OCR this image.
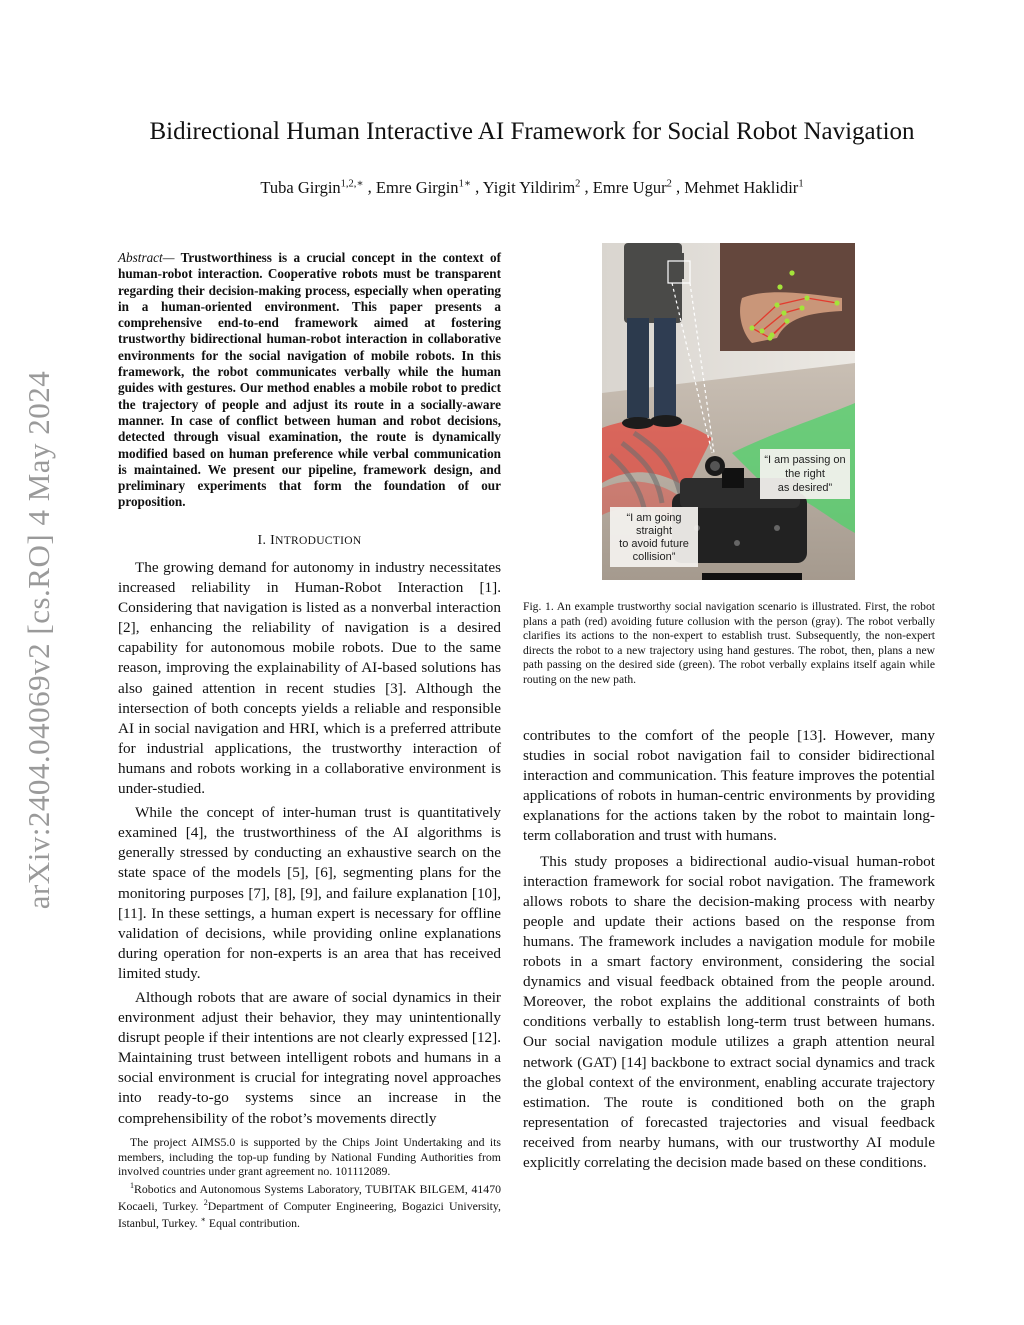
arXiv:2404.04069v2 [cs.RO] 4 May 2024
Bidirectional Human Interactive AI Framework for Social Robot Navigation
Tuba Girgin$^{1,2,∗}$ , Emre Girgin$^{1∗}$ , Yigit Yildirim$^2$ , Emre Ugur$^2$ , Mehmet Haklidir$^1$
Abstract— Trustworthiness is a crucial concept in the context of human-robot interaction. Cooperative robots must be transparent regarding their decision-making process, especially when operating in a human-oriented environment. This paper presents a comprehensive end-to-end framework aimed at fostering trustworthy bidirectional human-robot interaction in collaborative environments for the social navigation of mobile robots. In this framework, the robot communicates verbally while the human guides with gestures. Our method enables a mobile robot to predict the trajectory of people and adjust its route in a socially-aware manner. In case of conflict between human and robot decisions, detected through visual examination, the route is dynamically modified based on human preference while verbal communication is maintained. We present our pipeline, framework design, and preliminary experiments that form the foundation of our proposition.
I. INTRODUCTION

The growing demand for autonomy in industry necessitates increased reliability in Human-Robot Interaction [1]. Considering that navigation is listed as a nonverbal interaction [2], enhancing the reliability of navigation is a desired capability for autonomous mobile robots. Due to the same reason, improving the explainability of AI-based solutions has also gained attention in recent studies [3]. Although the intersection of both concepts yields a reliable and responsible AI in social navigation and HRI, which is a preferred attribute for industrial applications, the trustworthy interaction of humans and robots working in a collaborative environment is under-studied.

While the concept of inter-human trust is quantitatively examined [4], the trustworthiness of the AI algorithms is generally stressed by conducting an exhaustive search on the state space of the models [5], [6], segmenting plans for the monitoring purposes [7], [8], [9], and failure explanation [10], [11]. In these settings, a human expert is necessary for offline validation of decisions, while providing online explanations during operation for non-experts is an area that has received limited study.

Although robots that are aware of social dynamics in their environment adjust their behavior, they may unintentionally disrupt people if their intentions are not clearly expressed [12]. Maintaining trust between intelligent robots and humans in a social environment is crucial for integrating novel approaches into ready-to-go systems since an increase in the comprehensibility of the robot’s movements directly

The project AIMS5.0 is supported by the Chips Joint Undertaking and its members, including the top-up funding by National Funding Authorities from involved countries under grant agreement no. 101112089.

$^1$Robotics and Autonomous Systems Laboratory, TUBITAK BILGEM, 41470 Kocaeli, Turkey. $^2$Department of Computer Engineering, Bogazici University, Istanbul, Turkey. ∗ Equal contribution.

“I am passing on
the right
as desired”
“I am going
straight
to avoid future
collision”
Fig. 1. An example trustworthy social navigation scenario is illustrated. First, the robot plans a path (red) avoiding future collusion with the person (gray). The robot verbally clarifies its actions to the non-expert to establish trust. Subsequently, the non-expert directs the robot to a new trajectory using hand gestures. The robot, then, plans a new path passing on the desired side (green). The robot verbally explains itself again while routing on the new path.

contributes to the comfort of the people [13]. However, many studies in social robot navigation fail to consider bidirectional interaction and communication. This feature improves the potential applications of robots in human-centric environments by providing explanations for the actions taken by the robot to maintain long-term collaboration and trust with humans.

This study proposes a bidirectional audio-visual human-robot interaction framework for social robot navigation. The framework allows robots to share the decision-making process with nearby people and update their actions based on the response from humans. The framework includes a navigation module for mobile robots in a smart factory environment, considering the social dynamics and visual feedback obtained from the people around. Moreover, the robot explains the additional constraints of both conditions verbally to establish long-term trust between humans. Our social navigation module utilizes a graph attention neural network (GAT) [14] backbone to extract social dynamics and track the global context of the environment, enabling accurate trajectory estimation. The route is conditioned both on the graph representation of forecasted trajectories and visual feedback received from nearby humans, with our trustworthy AI module explicitly correlating the decision made based on these conditions.
